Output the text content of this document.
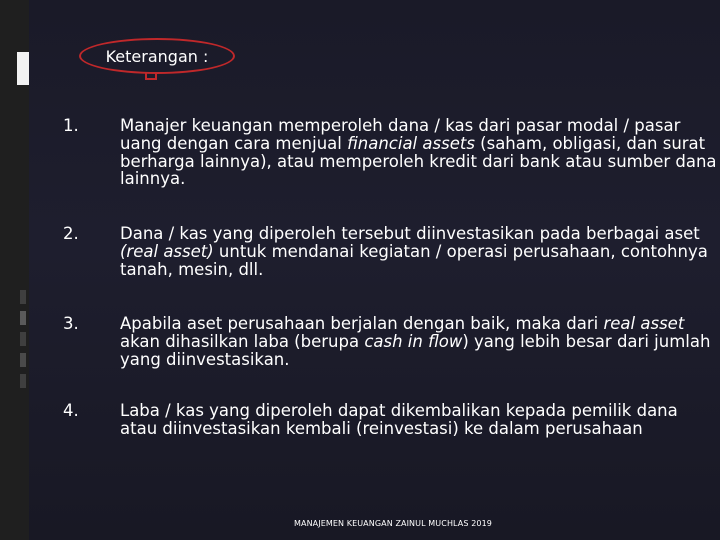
Keterangan :
1.	Manajer keuangan memperoleh dana / kas dari pasar modal / pasar uang dengan cara menjual financial assets (saham, obligasi, dan surat berharga lainnya), atau memperoleh kredit dari bank atau sumber dana lainnya.
2.	Dana / kas yang diperoleh tersebut diinvestasikan pada berbagai aset (real asset) untuk mendanai kegiatan / operasi perusahaan, contohnya tanah, mesin, dll.
3.	Apabila aset perusahaan berjalan dengan baik, maka dari real asset akan dihasilkan laba (berupa cash in flow) yang lebih besar dari jumlah yang diinvestasikan.
4.	Laba / kas yang diperoleh dapat dikembalikan kepada pemilik dana atau diinvestasikan kembali (reinvestasi) ke dalam perusahaan
MANAJEMEN KEUANGAN ZAINUL MUCHLAS 2019
